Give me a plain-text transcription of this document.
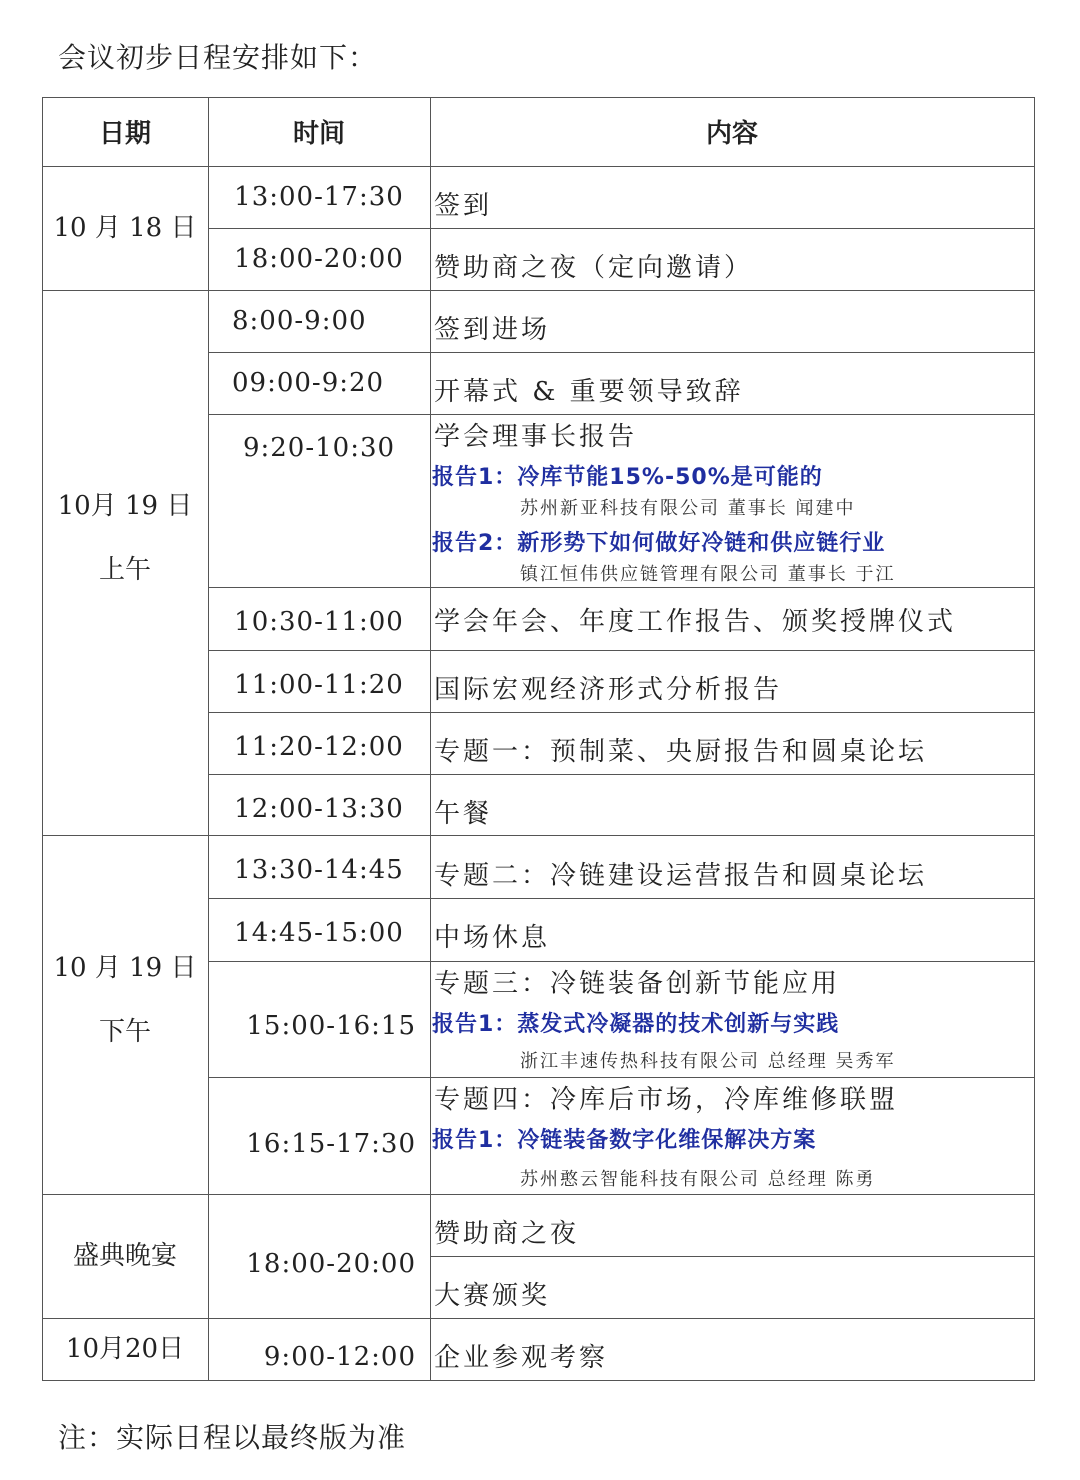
会议初步日程安排如下：
日期	时间	内容
10 月 18 日
10月 19 日
上午
10 月 19 日
下午
盛典晚宴
10月20日
13:00-17:30
18:00-20:00
8:00-9:00
09:00-9:20
9:20-10:30
10:30-11:00
11:00-11:20
11:20-12:00
12:00-13:30
13:30-14:45
14:45-15:00
15:00-16:15
16:15-17:30
18:00-20:00
9:00-12:00
签到
赞助商之夜（定向邀请）
签到进场
开幕式 & 重要领导致辞
学会理事长报告
报告1：冷库节能15%-50%是可能的
苏州新亚科技有限公司 董事长 闻建中
报告2：新形势下如何做好冷链和供应链行业
镇江恒伟供应链管理有限公司 董事长 于江
学会年会、年度工作报告、颁奖授牌仪式
国际宏观经济形式分析报告
专题一：预制菜、央厨报告和圆桌论坛
午餐
专题二：冷链建设运营报告和圆桌论坛
中场休息
专题三：冷链装备创新节能应用
报告1：蒸发式冷凝器的技术创新与实践
浙江丰速传热科技有限公司 总经理 吴秀军
专题四：冷库后市场，冷库维修联盟
报告1：冷链装备数字化维保解决方案
苏州憨云智能科技有限公司 总经理 陈勇
赞助商之夜
大赛颁奖
企业参观考察
注：实际日程以最终版为准
